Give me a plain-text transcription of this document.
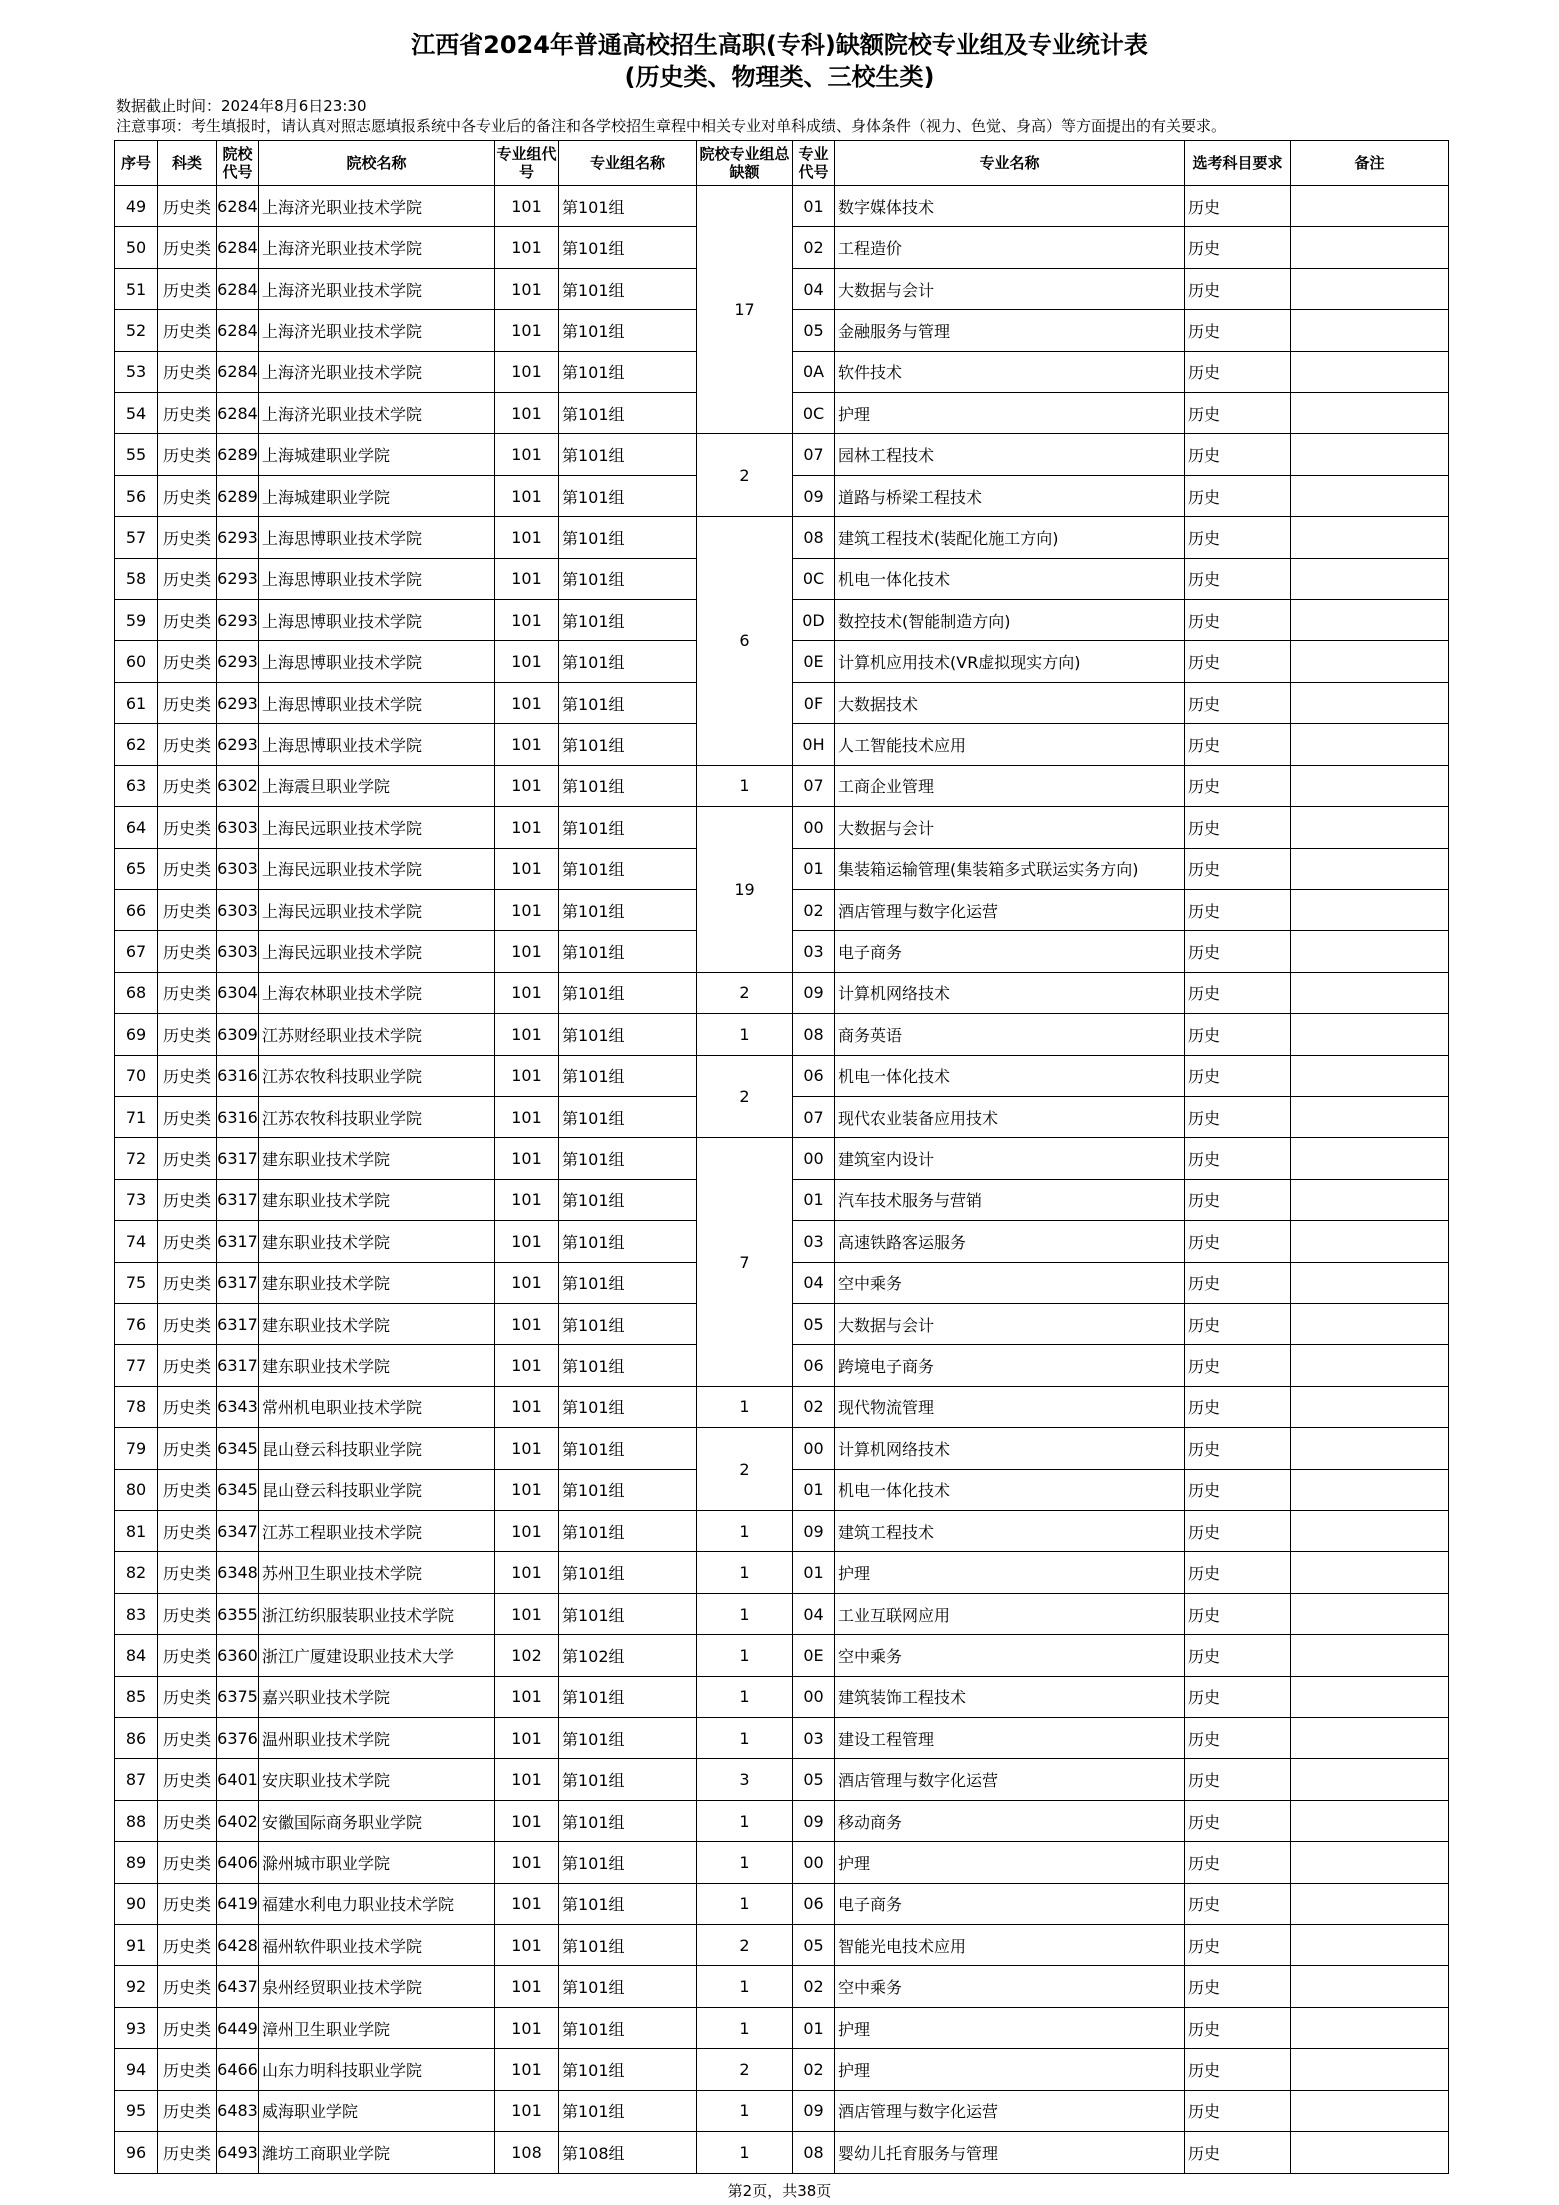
江西省2024年普通高校招生高职(专科)缺额院校专业组及专业统计表
(历史类、物理类、三校生类)
数据截止时间：2024年8月6日23:30
注意事项：考生填报时，请认真对照志愿填报系统中各专业后的备注和各学校招生章程中相关专业对单科成绩、身体条件（视力、色觉、身高）等方面提出的有关要求。
序号	科类	院校代号	院校名称	专业组代号	专业组名称	院校专业组总缺额	专业代号	专业名称	选考科目要求	备注
49	历史类	6284	上海济光职业技术学院	101	第101组	17	01	数字媒体技术	历史	
50	历史类	6284	上海济光职业技术学院	101	第101组		02	工程造价	历史	
51	历史类	6284	上海济光职业技术学院	101	第101组		04	大数据与会计	历史	
52	历史类	6284	上海济光职业技术学院	101	第101组		05	金融服务与管理	历史	
53	历史类	6284	上海济光职业技术学院	101	第101组		0A	软件技术	历史	
54	历史类	6284	上海济光职业技术学院	101	第101组		0C	护理	历史	
55	历史类	6289	上海城建职业学院	101	第101组	2	07	园林工程技术	历史	
56	历史类	6289	上海城建职业学院	101	第101组		09	道路与桥梁工程技术	历史	
57	历史类	6293	上海思博职业技术学院	101	第101组	6	08	建筑工程技术(装配化施工方向)	历史	
58	历史类	6293	上海思博职业技术学院	101	第101组		0C	机电一体化技术	历史	
59	历史类	6293	上海思博职业技术学院	101	第101组		0D	数控技术(智能制造方向)	历史	
60	历史类	6293	上海思博职业技术学院	101	第101组		0E	计算机应用技术(VR虚拟现实方向)	历史	
61	历史类	6293	上海思博职业技术学院	101	第101组		0F	大数据技术	历史	
62	历史类	6293	上海思博职业技术学院	101	第101组		0H	人工智能技术应用	历史	
63	历史类	6302	上海震旦职业学院	101	第101组	1	07	工商企业管理	历史	
64	历史类	6303	上海民远职业技术学院	101	第101组	19	00	大数据与会计	历史	
65	历史类	6303	上海民远职业技术学院	101	第101组		01	集装箱运输管理(集装箱多式联运实务方向)	历史	
66	历史类	6303	上海民远职业技术学院	101	第101组		02	酒店管理与数字化运营	历史	
67	历史类	6303	上海民远职业技术学院	101	第101组		03	电子商务	历史	
68	历史类	6304	上海农林职业技术学院	101	第101组	2	09	计算机网络技术	历史	
69	历史类	6309	江苏财经职业技术学院	101	第101组	1	08	商务英语	历史	
70	历史类	6316	江苏农牧科技职业学院	101	第101组	2	06	机电一体化技术	历史	
71	历史类	6316	江苏农牧科技职业学院	101	第101组		07	现代农业装备应用技术	历史	
72	历史类	6317	建东职业技术学院	101	第101组	7	00	建筑室内设计	历史	
73	历史类	6317	建东职业技术学院	101	第101组		01	汽车技术服务与营销	历史	
74	历史类	6317	建东职业技术学院	101	第101组		03	高速铁路客运服务	历史	
75	历史类	6317	建东职业技术学院	101	第101组		04	空中乘务	历史	
76	历史类	6317	建东职业技术学院	101	第101组		05	大数据与会计	历史	
77	历史类	6317	建东职业技术学院	101	第101组		06	跨境电子商务	历史	
78	历史类	6343	常州机电职业技术学院	101	第101组	1	02	现代物流管理	历史	
79	历史类	6345	昆山登云科技职业学院	101	第101组	2	00	计算机网络技术	历史	
80	历史类	6345	昆山登云科技职业学院	101	第101组		01	机电一体化技术	历史	
81	历史类	6347	江苏工程职业技术学院	101	第101组	1	09	建筑工程技术	历史	
82	历史类	6348	苏州卫生职业技术学院	101	第101组	1	01	护理	历史	
83	历史类	6355	浙江纺织服装职业技术学院	101	第101组	1	04	工业互联网应用	历史	
84	历史类	6360	浙江广厦建设职业技术大学	102	第102组	1	0E	空中乘务	历史	
85	历史类	6375	嘉兴职业技术学院	101	第101组	1	00	建筑装饰工程技术	历史	
86	历史类	6376	温州职业技术学院	101	第101组	1	03	建设工程管理	历史	
87	历史类	6401	安庆职业技术学院	101	第101组	3	05	酒店管理与数字化运营	历史	
88	历史类	6402	安徽国际商务职业学院	101	第101组	1	09	移动商务	历史	
89	历史类	6406	滁州城市职业学院	101	第101组	1	00	护理	历史	
90	历史类	6419	福建水利电力职业技术学院	101	第101组	1	06	电子商务	历史	
91	历史类	6428	福州软件职业技术学院	101	第101组	2	05	智能光电技术应用	历史	
92	历史类	6437	泉州经贸职业技术学院	101	第101组	1	02	空中乘务	历史	
93	历史类	6449	漳州卫生职业学院	101	第101组	1	01	护理	历史	
94	历史类	6466	山东力明科技职业学院	101	第101组	2	02	护理	历史	
95	历史类	6483	威海职业学院	101	第101组	1	09	酒店管理与数字化运营	历史	
96	历史类	6493	潍坊工商职业学院	108	第108组	1	08	婴幼儿托育服务与管理	历史	
第2页，共38页
